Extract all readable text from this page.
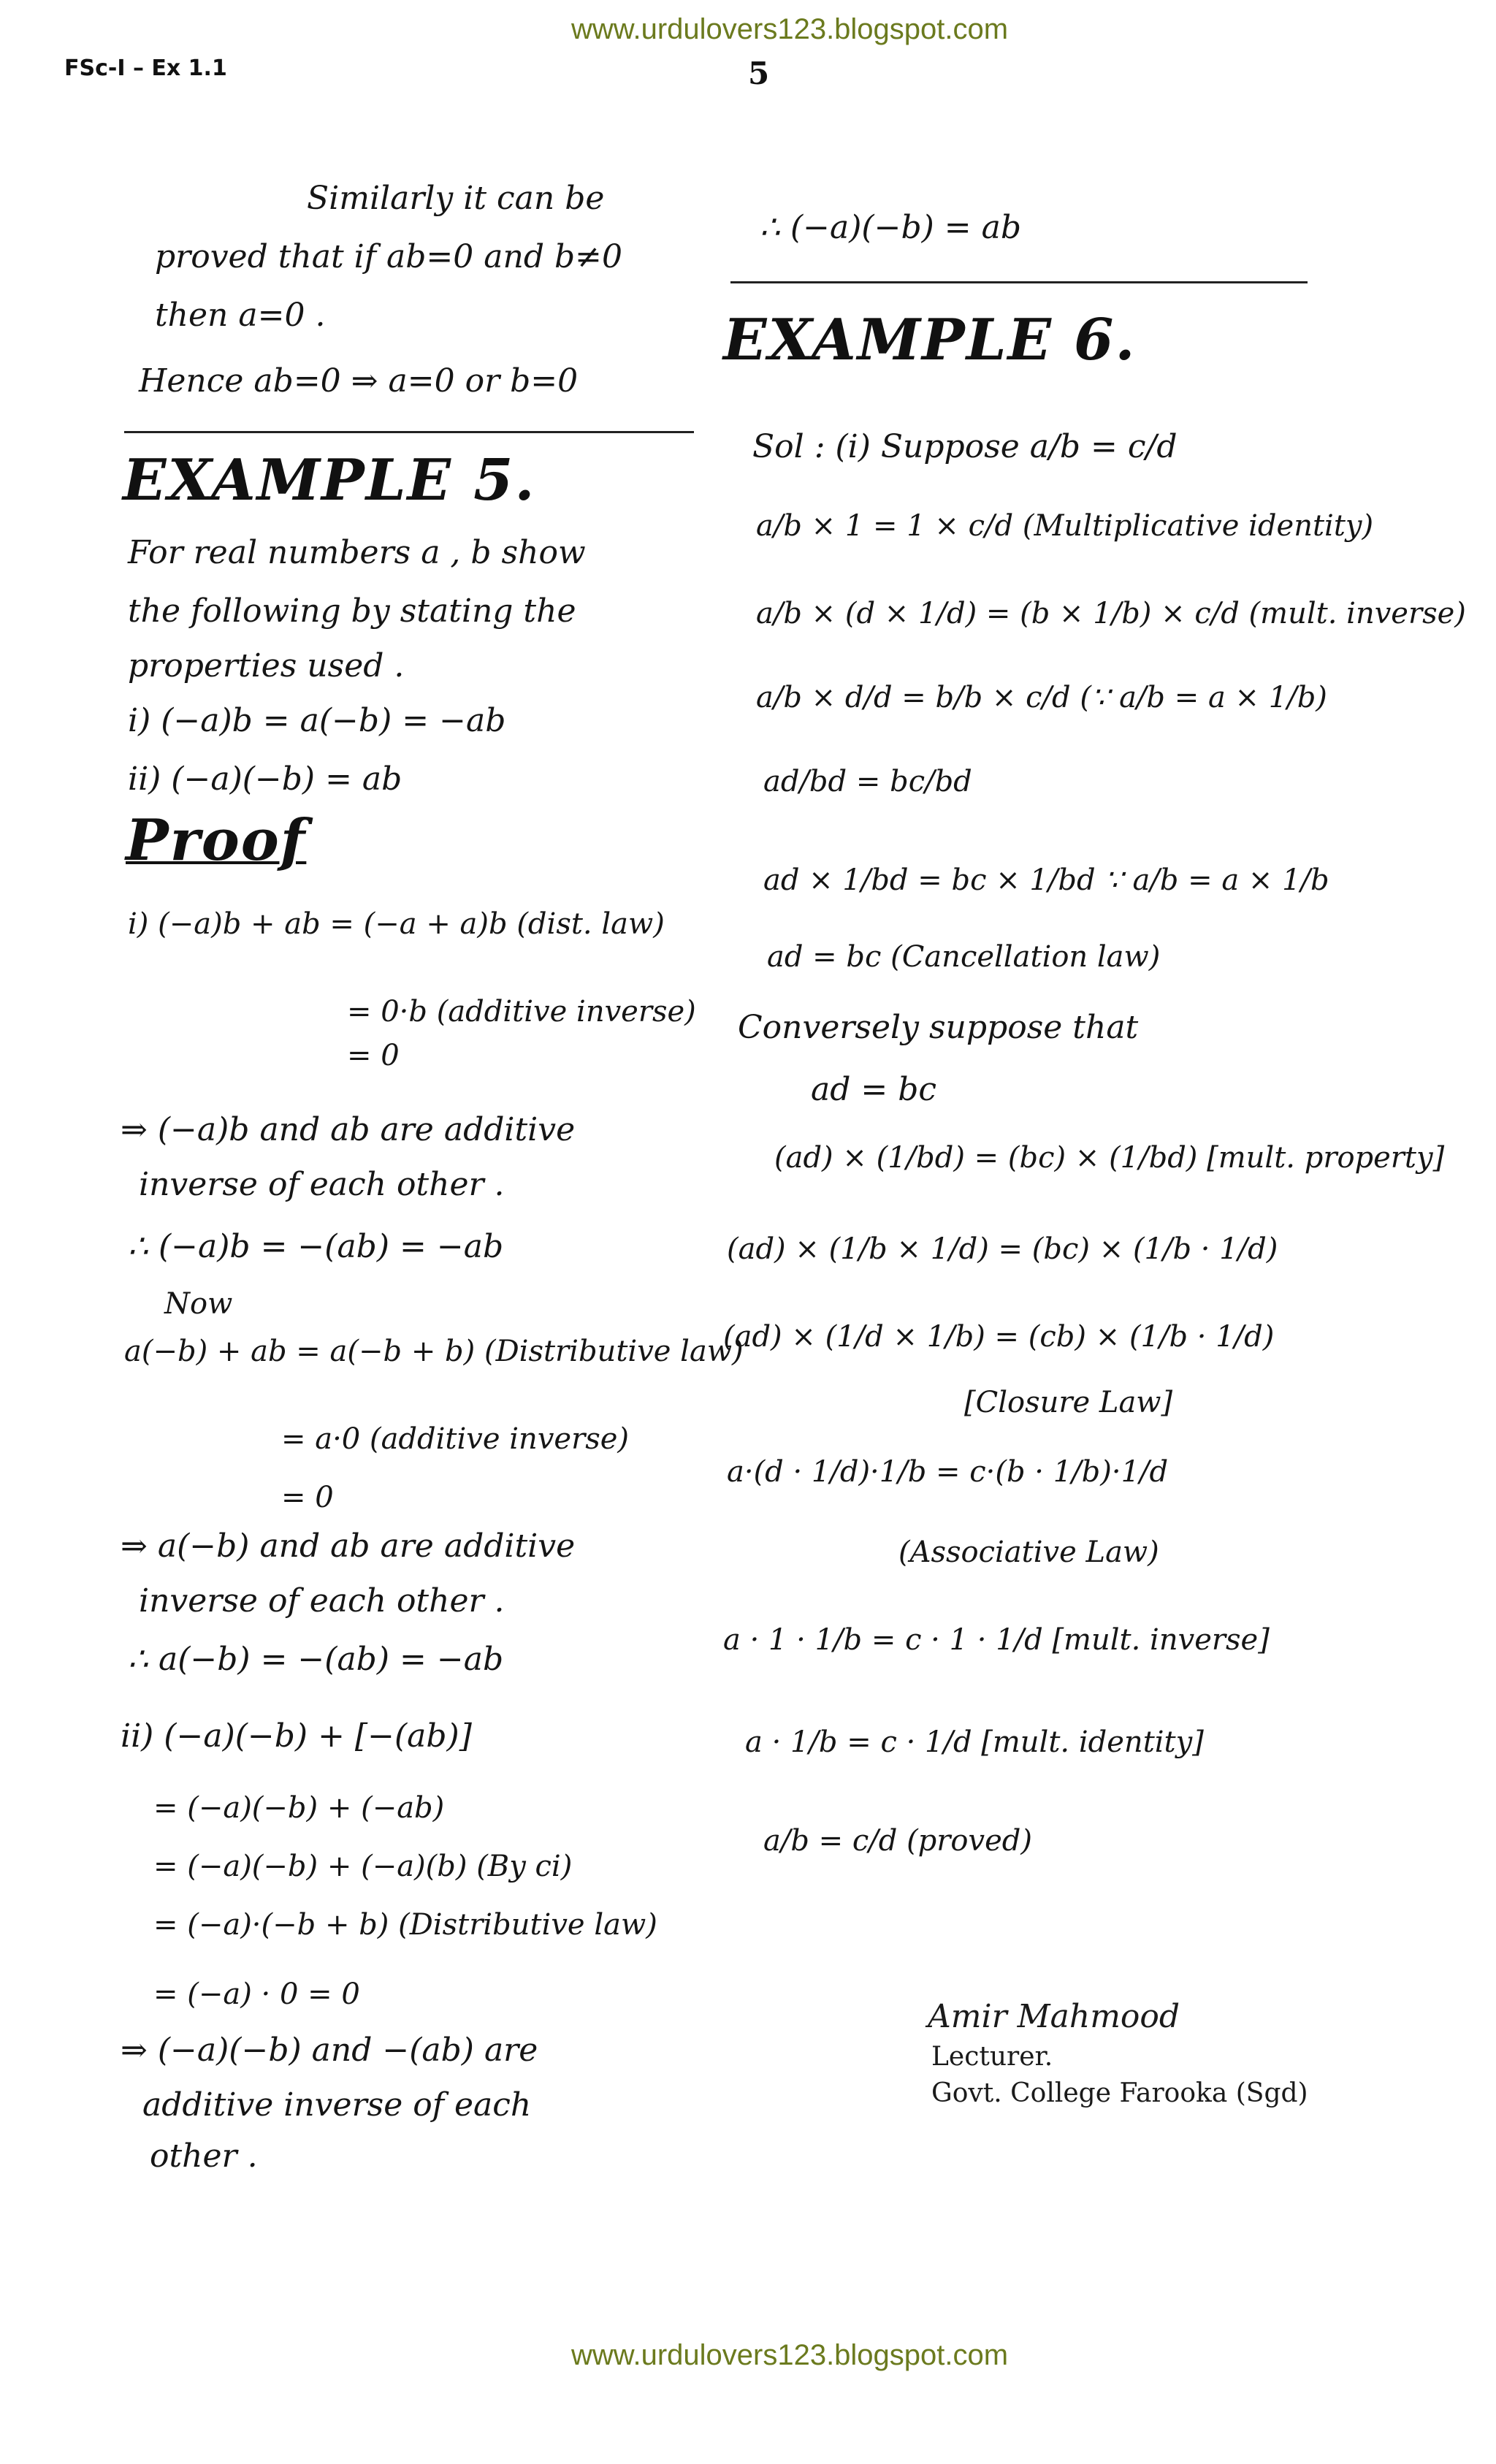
www.urdulovers123.blogspot.com
FSc-I – Ex 1.1	5
Similarly it can be
proved that if ab=0 and b≠0
then a=0 .
Hence ab=0 ⇒ a=0 or b=0
EXAMPLE 5.
For real numbers a , b show
the following by stating the
properties used .
i) (−a)b = a(−b) = −ab
ii) (−a)(−b) = ab
Proof
i) (−a)b + ab = (−a + a)b (dist. law)
= 0·b (additive inverse)
= 0
⇒ (−a)b and ab are additive
inverse of each other .
∴ (−a)b = −(ab) = −ab
Now
a(−b) + ab = a(−b + b) (Distributive law)
= a·0 (additive inverse)
= 0
⇒ a(−b) and ab are additive
inverse of each other .
∴ a(−b) = −(ab) = −ab
ii) (−a)(−b) + [−(ab)]
= (−a)(−b) + (−ab)
= (−a)(−b) + (−a)(b) (By ci)
= (−a)·(−b + b) (Distributive law)
= (−a) · 0 = 0
⇒ (−a)(−b) and −(ab) are
additive inverse of each
other .
∴ (−a)(−b) = ab
EXAMPLE 6.
Sol : (i) Suppose a/b = c/d
a/b × 1 = 1 × c/d (Multiplicative identity)
a/b × (d × 1/d) = (b × 1/b) × c/d (mult. inverse)
a/b × d/d = b/b × c/d (∵ a/b = a × 1/b)
ad/bd = bc/bd
ad × 1/bd = bc × 1/bd ∵ a/b = a × 1/b
ad = bc (Cancellation law)
Conversely suppose that
ad = bc
(ad) × (1/bd) = (bc) × (1/bd) [mult. property]
(ad) × (1/b × 1/d) = (bc) × (1/b · 1/d)
(ad) × (1/d × 1/b) = (cb) × (1/b · 1/d)
[Closure Law]
a·(d · 1/d)·1/b = c·(b · 1/b)·1/d
(Associative Law)
a · 1 · 1/b = c · 1 · 1/d [mult. inverse]
a · 1/b = c · 1/d [mult. identity]
a/b = c/d (proved)
Amir Mahmood
Lecturer.
Govt. College Farooka (Sgd)
www.urdulovers123.blogspot.com
